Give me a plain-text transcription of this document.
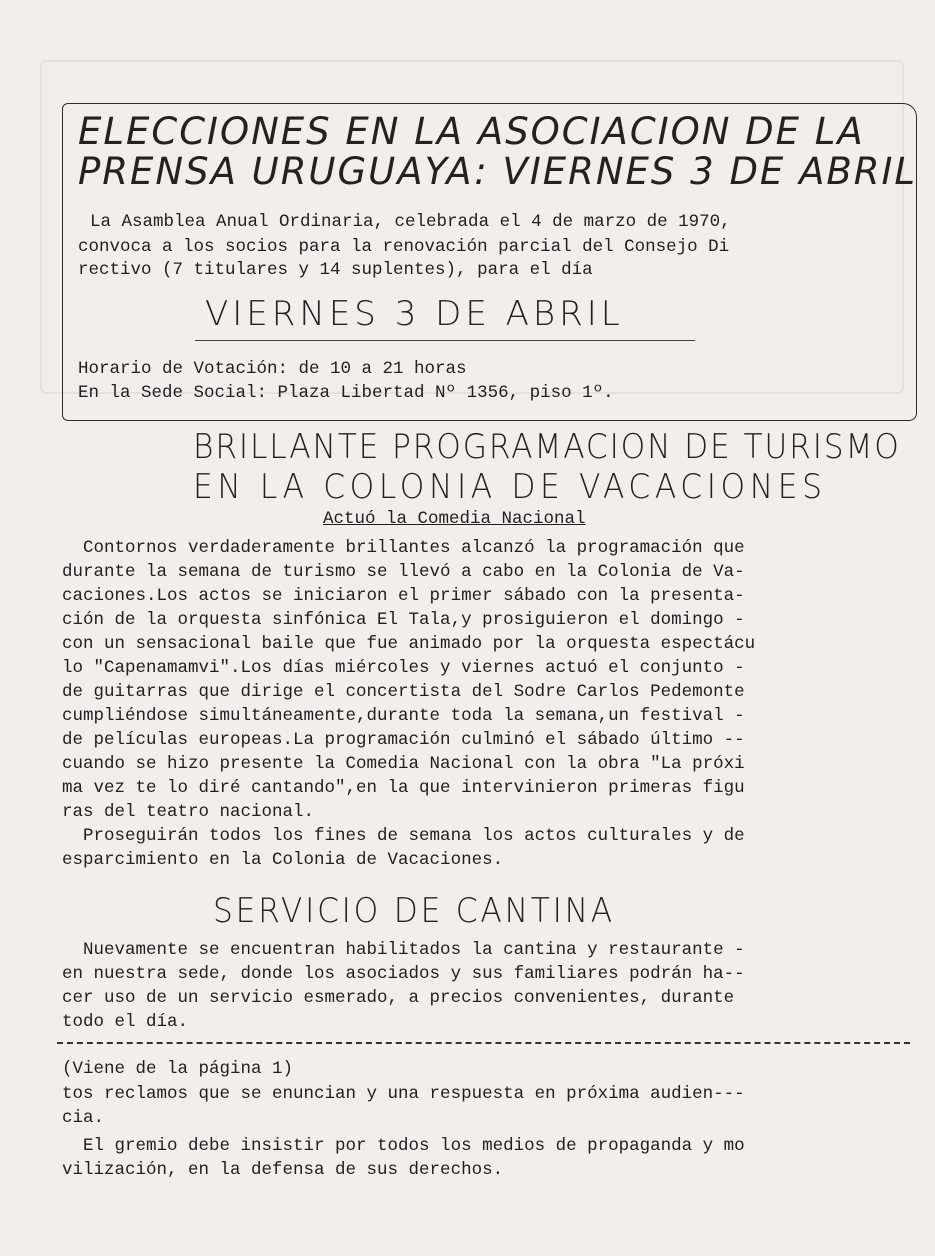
ELECCIONES EN LA ASOCIACION DE LA
PRENSA URUGUAYA: VIERNES 3 DE ABRIL
La Asamblea Anual Ordinaria, celebrada el 4 de marzo de 1970,
convoca a los socios para la renovación parcial del Consejo Di
rectivo (7 titulares y 14 suplentes), para el día
VIERNES 3 DE ABRIL
Horario de Votación: de 10 a 21 horas
En la Sede Social: Plaza Libertad Nº 1356, piso 1º.
BRILLANTE PROGRAMACION DE TURISMO
EN LA COLONIA DE VACACIONES
Actuó la Comedia Nacional
Contornos verdaderamente brillantes alcanzó la programación que
durante la semana de turismo se llevó a cabo en la Colonia de Va-
caciones.Los actos se iniciaron el primer sábado con la presenta-
ción de la orquesta sinfónica El Tala,y prosiguieron el domingo -
con un sensacional baile que fue animado por la orquesta espectácu
lo "Capenamamvi".Los días miércoles y viernes actuó el conjunto -
de guitarras que dirige el concertista del Sodre Carlos Pedemonte
cumpliéndose simultáneamente,durante toda la semana,un festival -
de películas europeas.La programación culminó el sábado último --
cuando se hizo presente la Comedia Nacional con la obra "La próxi
ma vez te lo diré cantando",en la que intervinieron primeras figu
ras del teatro nacional.
Proseguirán todos los fines de semana los actos culturales y de
esparcimiento en la Colonia de Vacaciones.
SERVICIO DE CANTINA
Nuevamente se encuentran habilitados la cantina y restaurante -
en nuestra sede, donde los asociados y sus familiares podrán ha--
cer uso de un servicio esmerado, a precios convenientes, durante
todo el día.
(Viene de la página 1)
tos reclamos que se enuncian y una respuesta en próxima audien---
cia.
El gremio debe insistir por todos los medios de propaganda y mo
vilización, en la defensa de sus derechos.
